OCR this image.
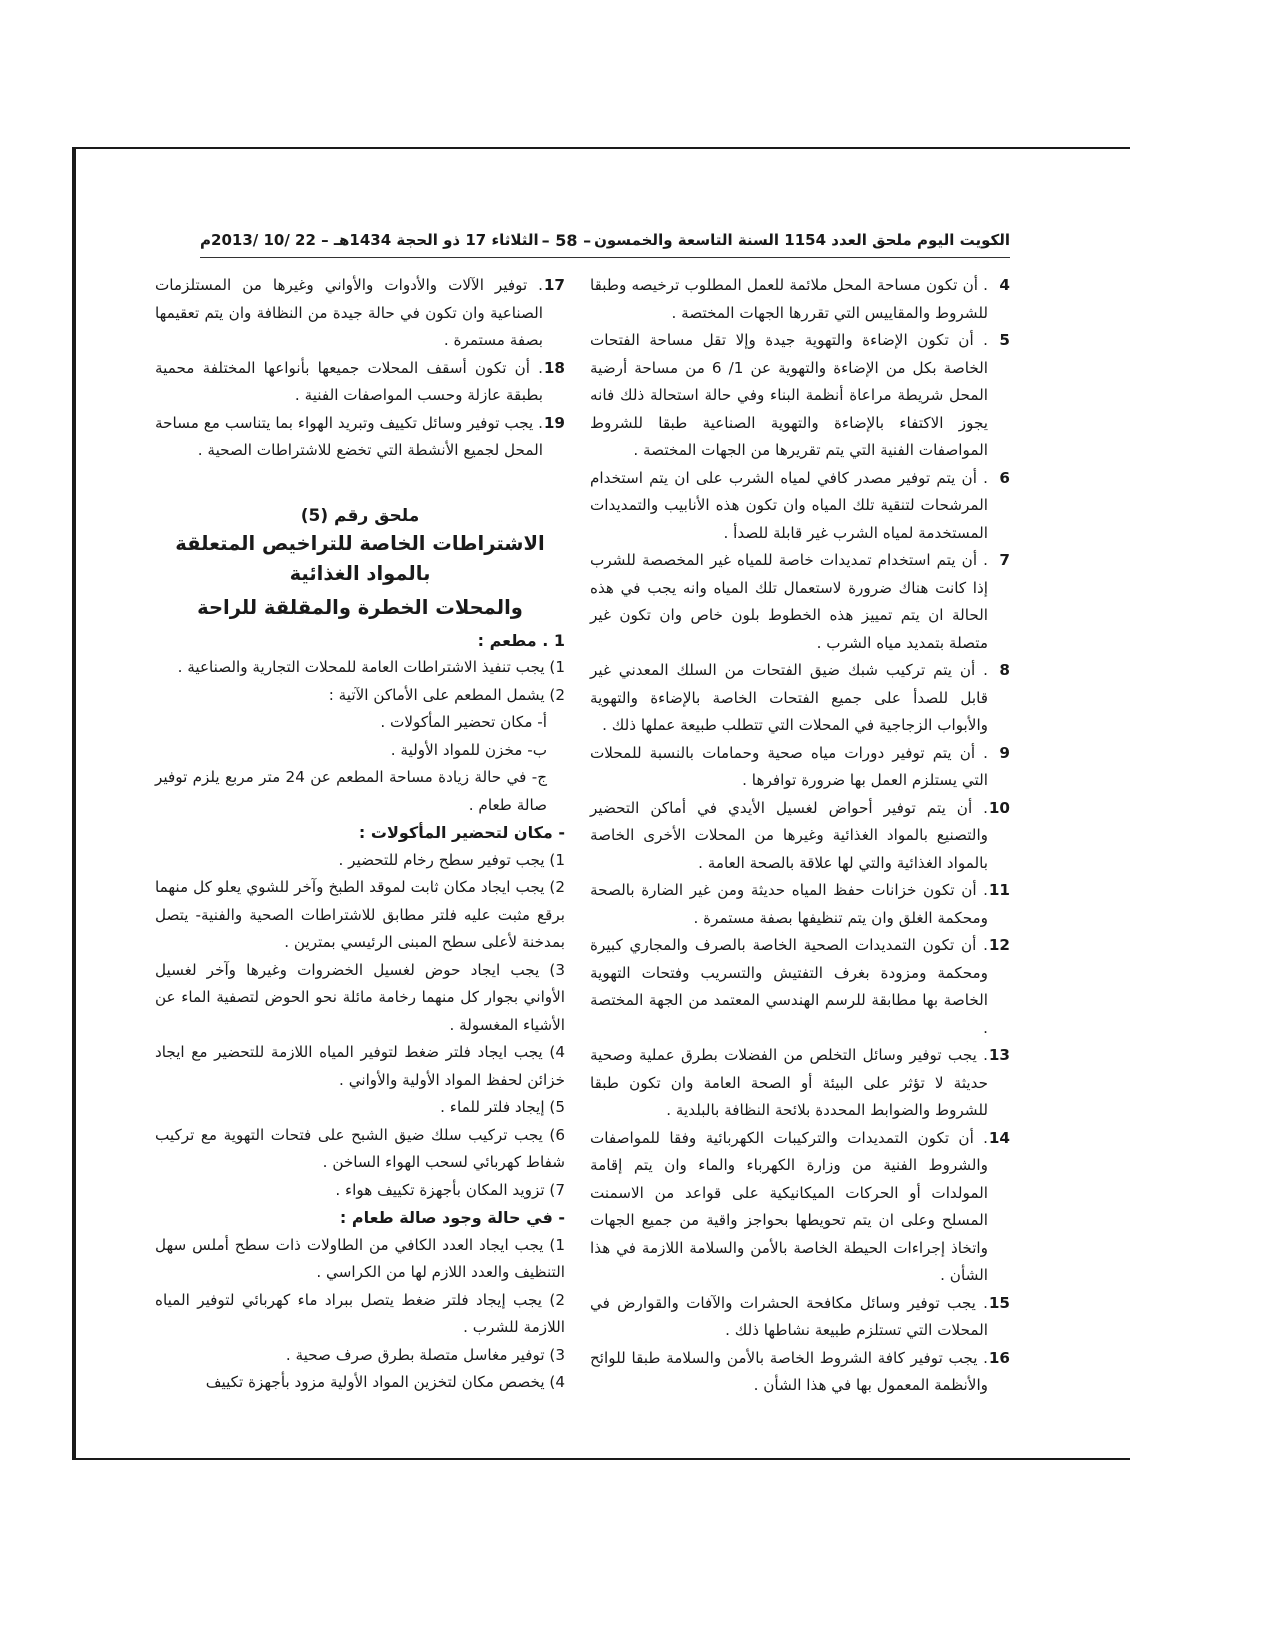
الكويت اليوم ملحق العدد 1154 السنة التاسعة والخمسون
– 58 –
الثلاثاء 17 ذو الحجة 1434هـ – 22 /10 /2013م
4
. أن تكون مساحة المحل ملائمة للعمل المطلوب ترخيصه وطبقا للشروط والمقاييس التي تقررها الجهات المختصة .
5
. أن تكون الإضاءة والتهوية جيدة وإلا تقل مساحة الفتحات الخاصة بكل من الإضاءة والتهوية عن 1/ 6 من مساحة أرضية المحل شريطة مراعاة أنظمة البناء وفي حالة استحالة ذلك فانه يجوز الاكتفاء بالإضاءة والتهوية الصناعية طبقا للشروط المواصفات الفنية التي يتم تقريرها من الجهات المختصة .
6
. أن يتم توفير مصدر كافي لمياه الشرب على ان يتم استخدام المرشحات لتنقية تلك المياه وان تكون هذه الأنابيب والتمديدات المستخدمة لمياه الشرب غير قابلة للصدأ .
7
. أن يتم استخدام تمديدات خاصة للمياه غير المخصصة للشرب إذا كانت هناك ضرورة لاستعمال تلك المياه وانه يجب في هذه الحالة ان يتم تمييز هذه الخطوط بلون خاص وان تكون غير متصلة بتمديد مياه الشرب .
8
. أن يتم تركيب شبك ضيق الفتحات من السلك المعدني غير قابل للصدأ على جميع الفتحات الخاصة بالإضاءة والتهوية والأبواب الزجاجية في المحلات التي تتطلب طبيعة عملها ذلك .
9
. أن يتم توفير دورات مياه صحية وحمامات بالنسبة للمحلات التي يستلزم العمل بها ضرورة توافرها .
10
. أن يتم توفير أحواض لغسيل الأيدي في أماكن التحضير والتصنيع بالمواد الغذائية وغيرها من المحلات الأخرى الخاصة بالمواد الغذائية والتي لها علاقة بالصحة العامة .
11
. أن تكون خزانات حفظ المياه حديثة ومن غير الضارة بالصحة ومحكمة الغلق وان يتم تنظيفها بصفة مستمرة .
12
. أن تكون التمديدات الصحية الخاصة بالصرف والمجاري كبيرة ومحكمة ومزودة بغرف التفتيش والتسريب وفتحات التهوية الخاصة بها مطابقة للرسم الهندسي المعتمد من الجهة المختصة .
13
. يجب توفير وسائل التخلص من الفضلات بطرق عملية وصحية حديثة لا تؤثر على البيئة أو الصحة العامة وان تكون طبقا للشروط والضوابط المحددة بلائحة النظافة بالبلدية .
14
. أن تكون التمديدات والتركيبات الكهربائية وفقا للمواصفات والشروط الفنية من وزارة الكهرباء والماء وان يتم إقامة المولدات أو الحركات الميكانيكية على قواعد من الاسمنت المسلح وعلى ان يتم تحويطها بحواجز واقية من جميع الجهات واتخاذ إجراءات الحيطة الخاصة بالأمن والسلامة اللازمة في هذا الشأن .
15
. يجب توفير وسائل مكافحة الحشرات والآفات والقوارض في المحلات التي تستلزم طبيعة نشاطها ذلك .
16
. يجب توفير كافة الشروط الخاصة بالأمن والسلامة طبقا للوائح والأنظمة المعمول بها في هذا الشأن .
17
. توفير الآلات والأدوات والأواني وغيرها من المستلزمات الصناعية وان تكون في حالة جيدة من النظافة وان يتم تعقيمها بصفة مستمرة .
18
. أن تكون أسقف المحلات جميعها بأنواعها المختلفة محمية بطبقة عازلة وحسب المواصفات الفنية .
19
. يجب توفير وسائل تكييف وتبريد الهواء بما يتناسب مع مساحة المحل لجميع الأنشطة التي تخضع للاشتراطات الصحية .
ملحق رقم (5)
الاشتراطات الخاصة للتراخيص المتعلقة بالمواد الغذائية
والمحلات الخطرة والمقلقة للراحة
1 . مطعم :
1) يجب تنفيذ الاشتراطات العامة للمحلات التجارية والصناعية .
2) يشمل المطعم على الأماكن الآتية :
أ- مكان تحضير المأكولات .
ب- مخزن للمواد الأولية .
ج- في حالة زيادة مساحة المطعم عن 24 متر مربع يلزم توفير صالة طعام .
- مكان لتحضير المأكولات :
1) يجب توفير سطح رخام للتحضير .
2) يجب ايجاد مكان ثابت لموقد الطبخ وآخر للشوي يعلو كل منهما برقع مثبت عليه فلتر مطابق للاشتراطات الصحية والفنية- يتصل بمدخنة لأعلى سطح المبنى الرئيسي بمترين .
3) يجب ايجاد حوض لغسيل الخضروات وغيرها وآخر لغسيل الأواني بجوار كل منهما رخامة مائلة نحو الحوض لتصفية الماء عن الأشياء المغسولة .
4) يجب ايجاد فلتر ضغط لتوفير المياه اللازمة للتحضير مع ايجاد خزائن لحفظ المواد الأولية والأواني .
5) إيجاد فلتر للماء .
6) يجب تركيب سلك ضيق الشبح على فتحات التهوية مع تركيب شفاط كهربائي لسحب الهواء الساخن .
7) تزويد المكان بأجهزة تكييف هواء .
- في حالة وجود صالة طعام :
1) يجب ايجاد العدد الكافي من الطاولات ذات سطح أملس سهل التنظيف والعدد اللازم لها من الكراسي .
2) يجب إيجاد فلتر ضغط يتصل ببراد ماء كهربائي لتوفير المياه اللازمة للشرب .
3) توفير مغاسل متصلة بطرق صرف صحية .
4) يخصص مكان لتخزين المواد الأولية مزود بأجهزة تكييف
